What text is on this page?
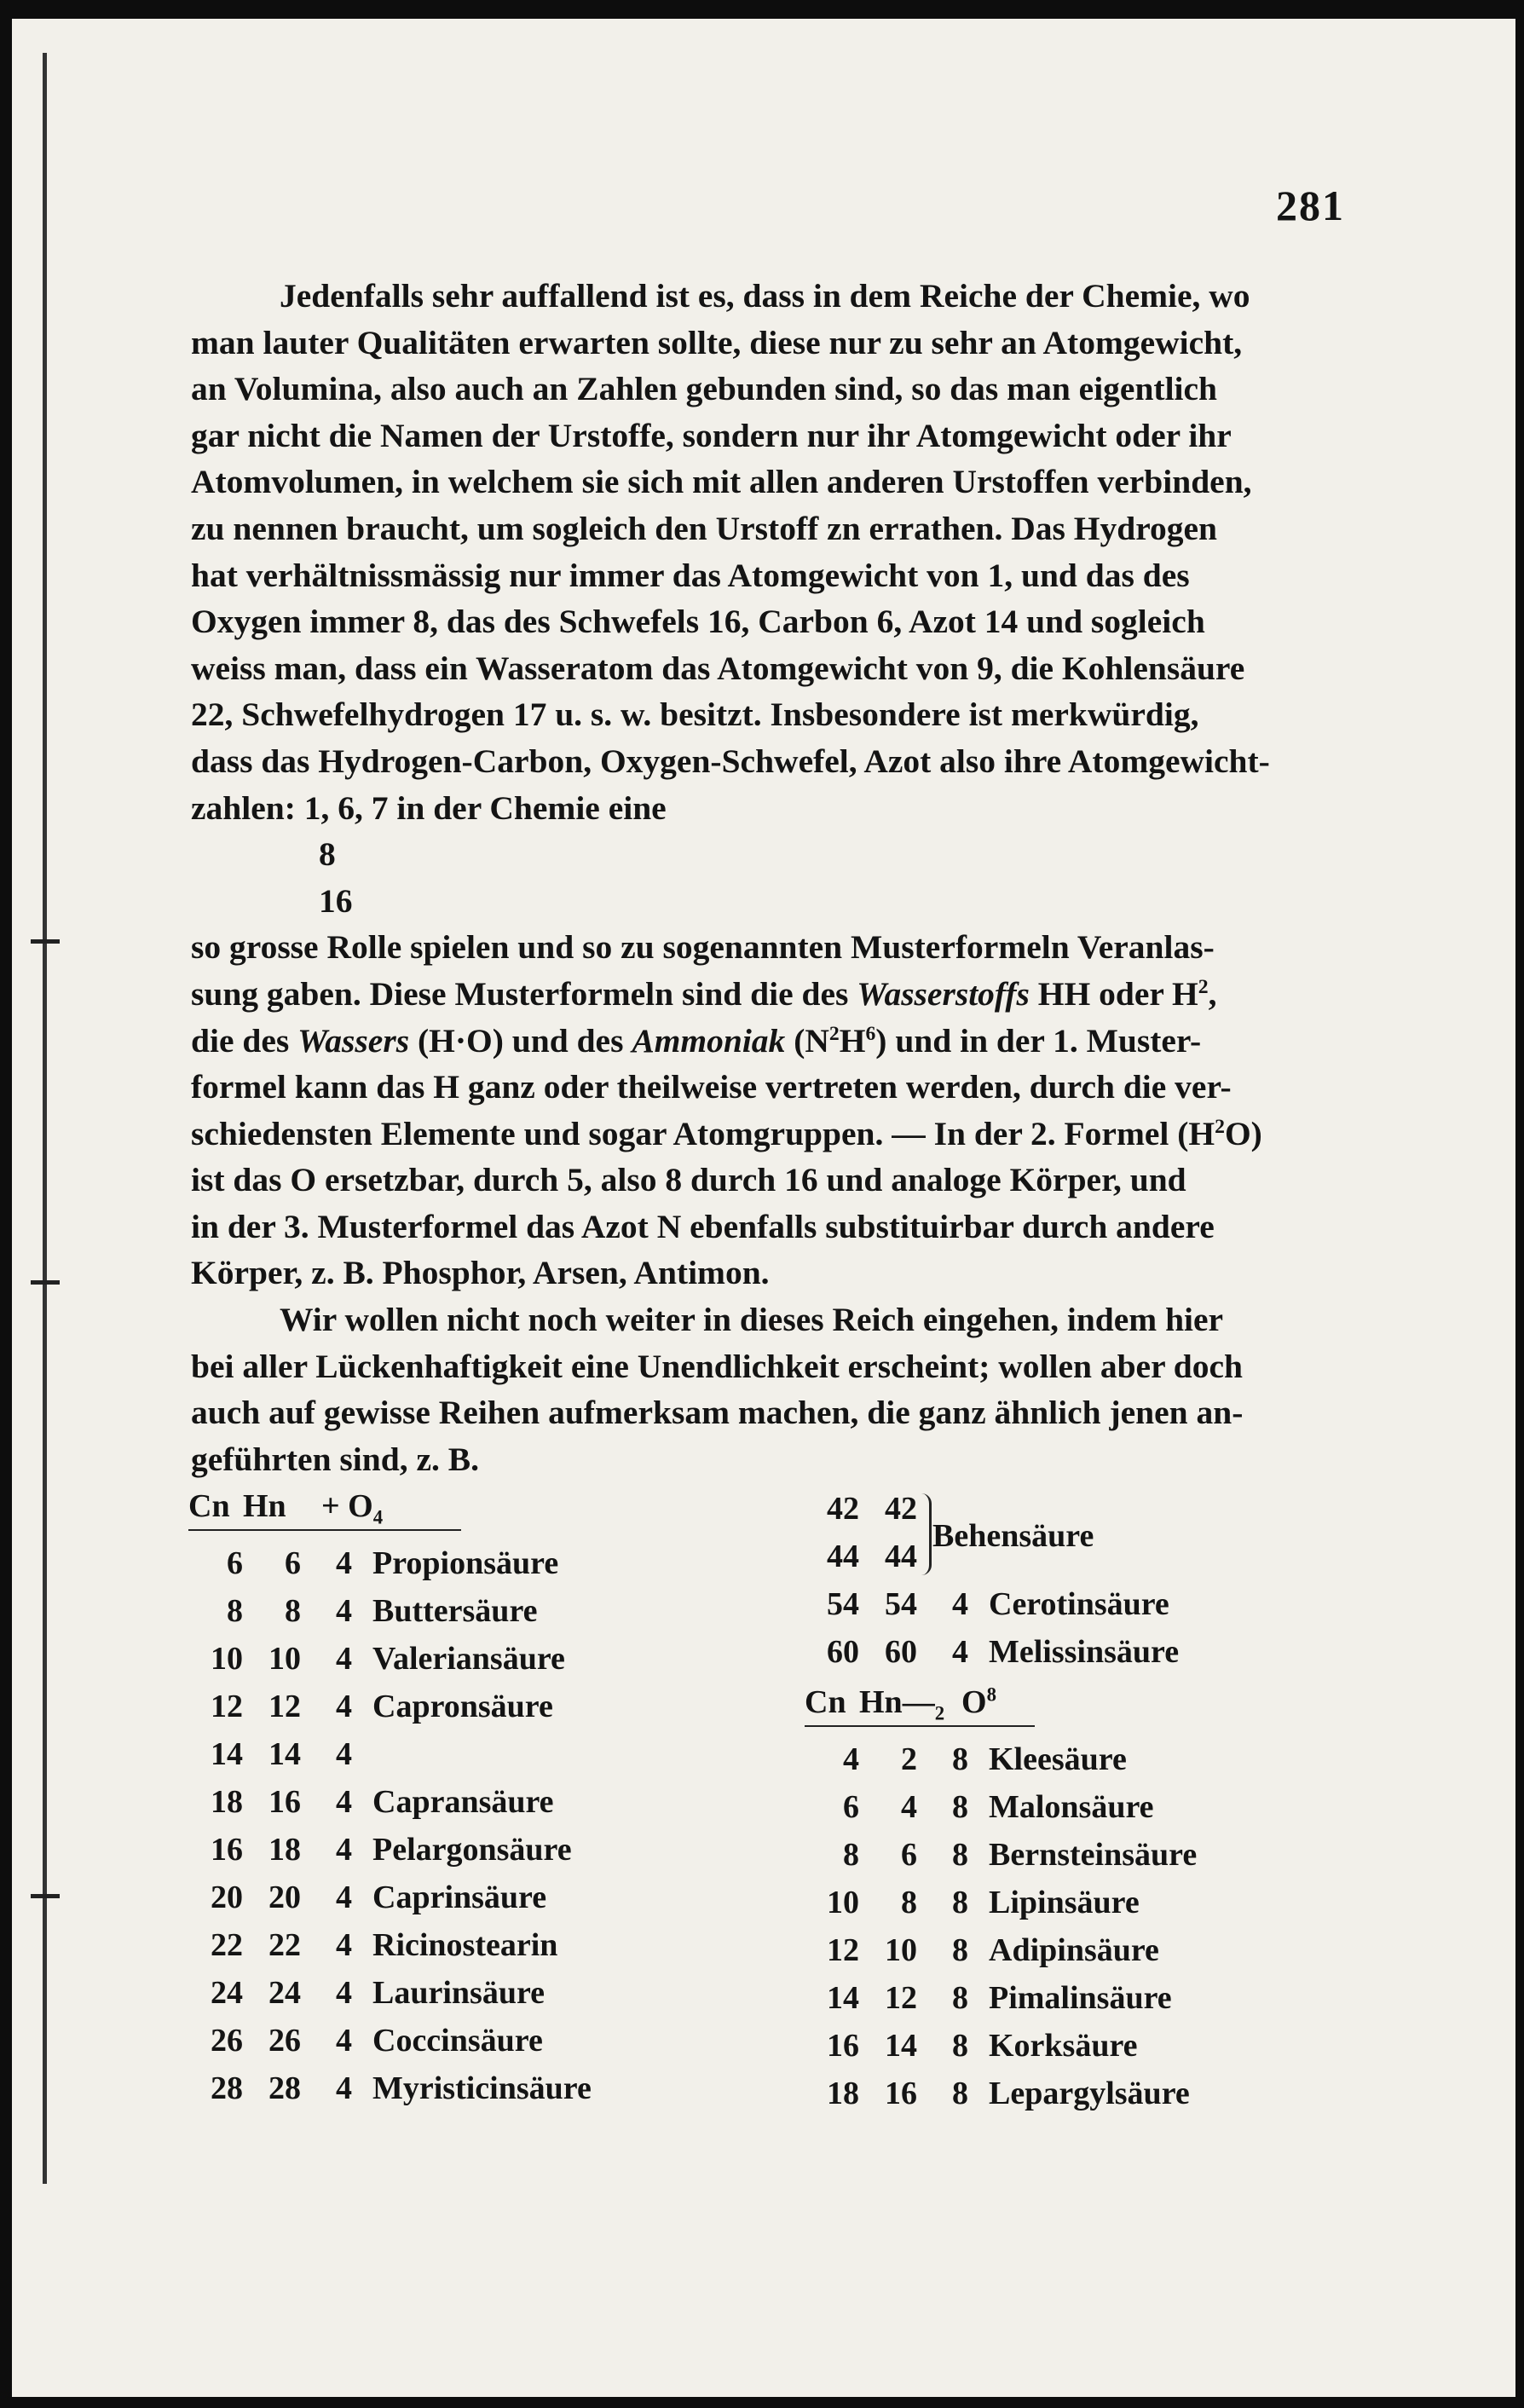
281
Jedenfalls sehr auffallend ist es, dass in dem Reiche der Chemie, wo
man lauter Qualitäten erwarten sollte, diese nur zu sehr an Atomgewicht,
an Volumina, also auch an Zahlen gebunden sind, so das man eigentlich
gar nicht die Namen der Urstoffe, sondern nur ihr Atomgewicht oder ihr
Atomvolumen, in welchem sie sich mit allen anderen Urstoffen verbinden,
zu nennen braucht, um sogleich den Urstoff zn errathen. Das Hydrogen
hat verhältnissmässig nur immer das Atomgewicht von 1, und das des
Oxygen immer 8, das des Schwefels 16, Carbon 6, Azot 14 und sogleich
weiss man, dass ein Wasseratom das Atomgewicht von 9, die Kohlensäure
22, Schwefelhydrogen 17 u. s. w. besitzt. Insbesondere ist merkwürdig,
dass das Hydrogen-Carbon, Oxygen-Schwefel, Azot also ihre Atomgewicht-
zahlen: 1, 6, 7 in der Chemie eine
8
16
so grosse Rolle spielen und so zu sogenannten Musterformeln Veranlas-
sung gaben. Diese Musterformeln sind die des Wasserstoffs HH oder $H^2$,
die des Wassers (H·O) und des Ammoniak $(N^2H^6)$ und in der 1. Muster-
formel kann das H ganz oder theilweise vertreten werden, durch die ver-
schiedensten Elemente und sogar Atomgruppen. — In der 2. Formel $(H^2O)$
ist das O ersetzbar, durch 5, also 8 durch 16 und analoge Körper, und
in der 3. Musterformel das Azot N ebenfalls substituirbar durch andere
Körper, z. B. Phosphor, Arsen, Antimon.
Wir wollen nicht noch weiter in dieses Reich eingehen, indem hier
bei aller Lückenhaftigkeit eine Unendlichkeit erscheint; wollen aber doch
auch auf gewisse Reihen aufmerksam machen, die ganz ähnlich jenen an-
geführten sind, z. B.
Cn Hn	+ $O_4$
6	6	4 Propionsäure
8	8	4 Buttersäure
10 10	4 Valeriansäure
12 12	4 Capronsäure
14 14	4
18 16	4 Capransäure
16 18	4 Pelargonsäure
20 20	4 Caprinsäure
22 22	4 Ricinostearin
24 24	4 Laurinsäure
26 26	4 Coccinsäure
28 28	4 Myristicinsäure
42 42
44 44
Behensäure
54 54	4 Cerotinsäure
60 60	4 Melissinsäure
Cn $Hn—_2$ $O^8$
4	2	8 Kleesäure
6	4	8 Malonsäure
8	6	8 Bernsteinsäure
10	8	8 Lipinsäure
12 10	8 Adipinsäure
14 12	8 Pimalinsäure
16 14	8 Korksäure
18 16	8 Lepargylsäure
